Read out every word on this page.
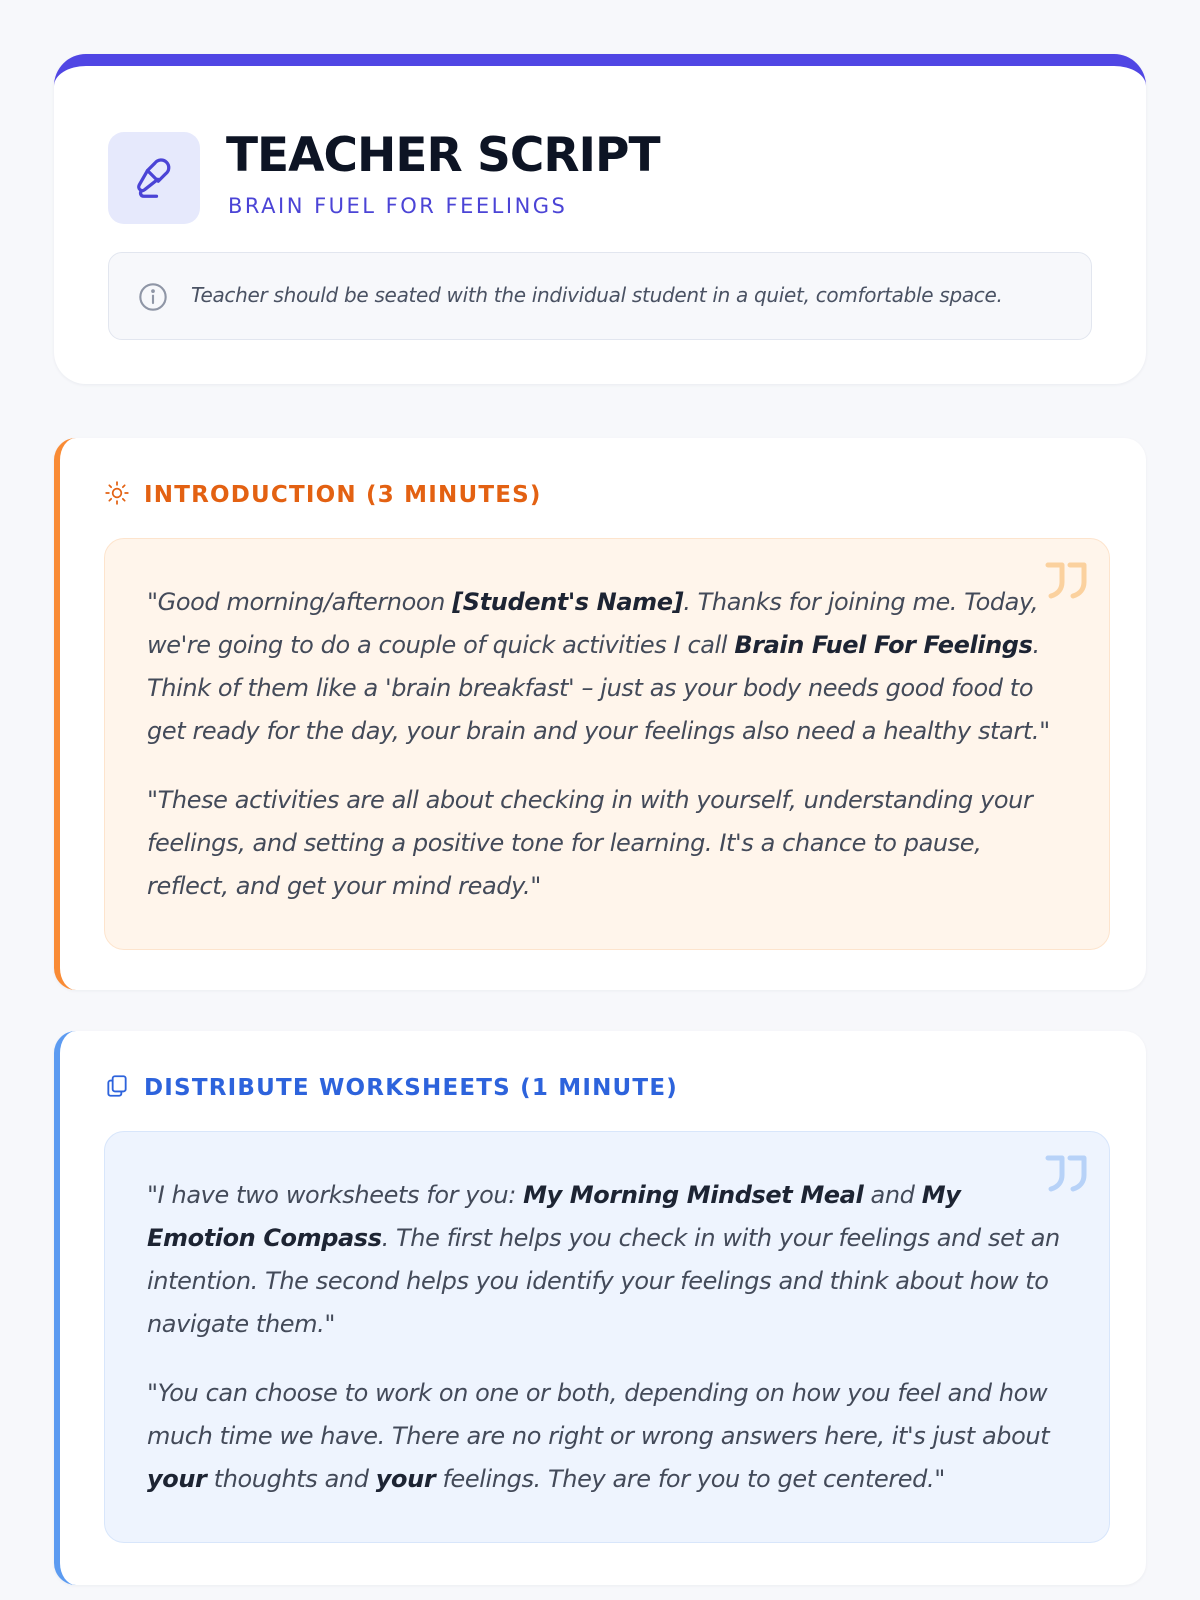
TEACHER SCRIPT

BRAIN FUEL FOR FEELINGS

Teacher should be seated with the individual student in a quiet, comfortable space.
INTRODUCTION (3 MINUTES)

"Good morning/afternoon [Student's Name]. Thanks for joining me. Today, we're going to do a couple of quick activities I call Brain Fuel For Feelings. Think of them like a 'brain breakfast' – just as your body needs good food to get ready for the day, your brain and your feelings also need a healthy start."

"These activities are all about checking in with yourself, understanding your feelings, and setting a positive tone for learning. It's a chance to pause, reflect, and get your mind ready."

DISTRIBUTE WORKSHEETS (1 MINUTE)

"I have two worksheets for you: My Morning Mindset Meal and My Emotion Compass. The first helps you check in with your feelings and set an intention. The second helps you identify your feelings and think about how to navigate them."

"You can choose to work on one or both, depending on how you feel and how much time we have. There are no right or wrong answers here, it's just about your thoughts and your feelings. They are for you to get centered."
